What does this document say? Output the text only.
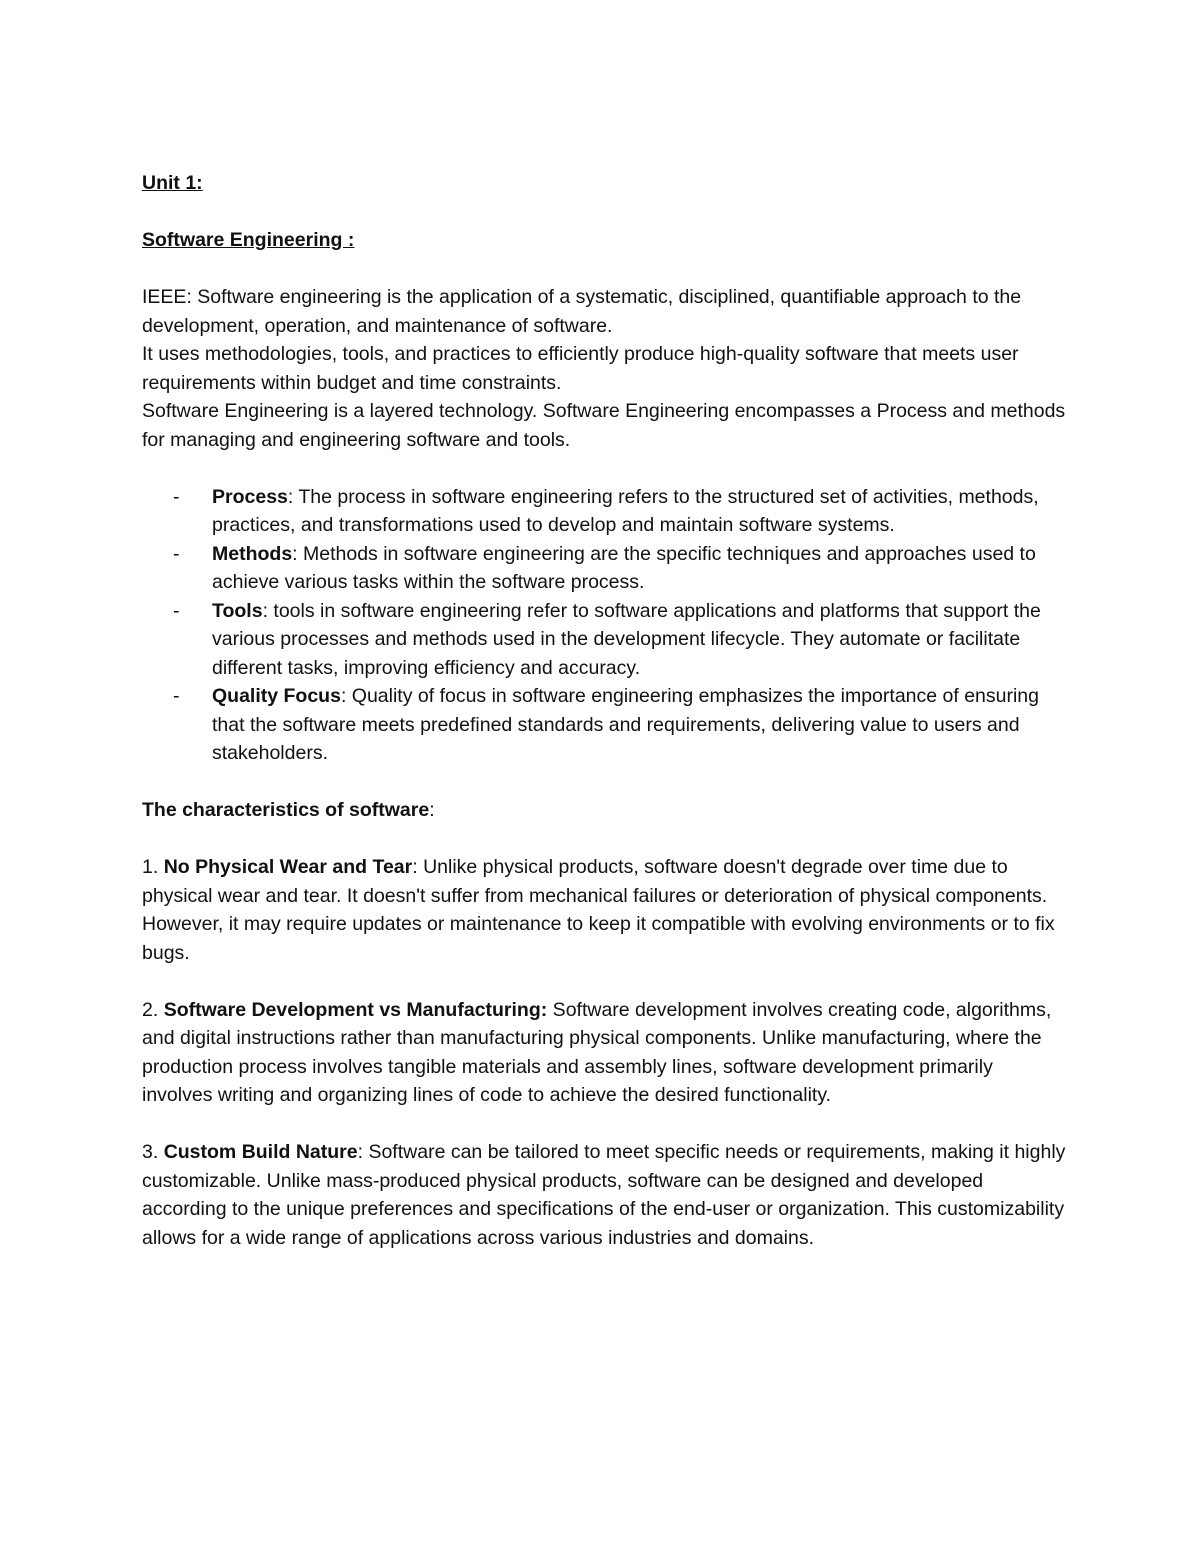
Unit 1:

Software Engineering :

IEEE: Software engineering is the application of a systematic, disciplined, quantifiable approach to the development, operation, and maintenance of software.

It uses methodologies, tools, and practices to efficiently produce high-quality software that meets user requirements within budget and time constraints.

Software Engineering is a layered technology. Software Engineering encompasses a Process and methods for managing and engineering software and tools.

- Process: The process in software engineering refers to the structured set of activities, methods, practices, and transformations used to develop and maintain software systems.
- Methods: Methods in software engineering are the specific techniques and approaches used to achieve various tasks within the software process.
- Tools: tools in software engineering refer to software applications and platforms that support the various processes and methods used in the development lifecycle. They automate or facilitate different tasks, improving efficiency and accuracy.
- Quality Focus: Quality of focus in software engineering emphasizes the importance of ensuring that the software meets predefined standards and requirements, delivering value to users and stakeholders.

The characteristics of software:

1. No Physical Wear and Tear: Unlike physical products, software doesn't degrade over time due to physical wear and tear. It doesn't suffer from mechanical failures or deterioration of physical components. However, it may require updates or maintenance to keep it compatible with evolving environments or to fix bugs.

2. Software Development vs Manufacturing: Software development involves creating code, algorithms, and digital instructions rather than manufacturing physical components. Unlike manufacturing, where the production process involves tangible materials and assembly lines, software development primarily involves writing and organizing lines of code to achieve the desired functionality.

3. Custom Build Nature: Software can be tailored to meet specific needs or requirements, making it highly customizable. Unlike mass-produced physical products, software can be designed and developed according to the unique preferences and specifications of the end-user or organization. This customizability allows for a wide range of applications across various industries and domains.
